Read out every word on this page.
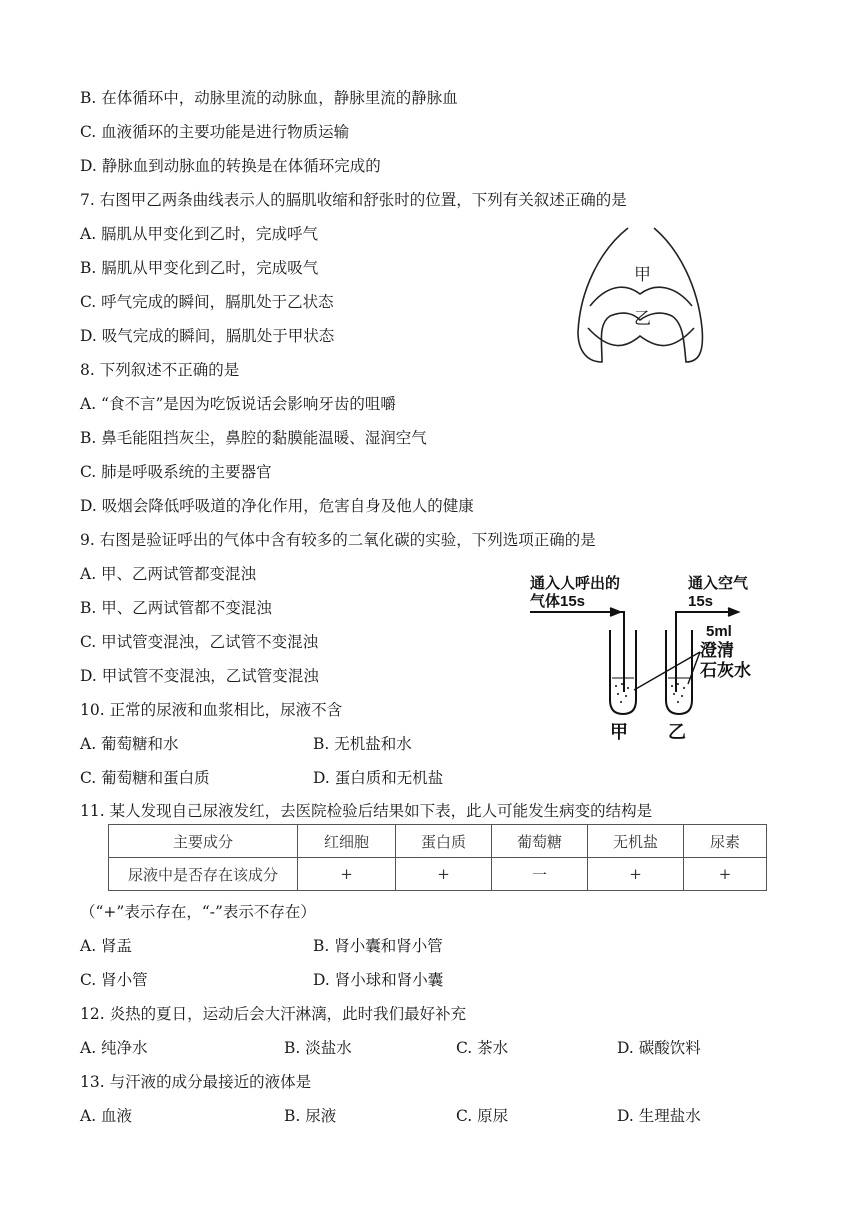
B. 在体循环中，动脉里流的动脉血，静脉里流的静脉血
C. 血液循环的主要功能是进行物质运输
D. 静脉血到动脉血的转换是在体循环完成的
7. 右图甲乙两条曲线表示人的膈肌收缩和舒张时的位置，下列有关叙述正确的是
A. 膈肌从甲变化到乙时，完成呼气
B. 膈肌从甲变化到乙时，完成吸气
C. 呼气完成的瞬间，膈肌处于乙状态
D. 吸气完成的瞬间，膈肌处于甲状态
8. 下列叙述不正确的是
A. “食不言”是因为吃饭说话会影响牙齿的咀嚼
B. 鼻毛能阻挡灰尘，鼻腔的黏膜能温暖、湿润空气
C. 肺是呼吸系统的主要器官
D. 吸烟会降低呼吸道的净化作用，危害自身及他人的健康
9. 右图是验证呼出的气体中含有较多的二氧化碳的实验，下列选项正确的是
A. 甲、乙两试管都变混浊
B. 甲、乙两试管都不变混浊
C. 甲试管变混浊，乙试管不变混浊
D. 甲试管不变混浊，乙试管变混浊
10. 正常的尿液和血浆相比，尿液不含
A. 葡萄糖和水	B. 无机盐和水
C. 葡萄糖和蛋白质	D. 蛋白质和无机盐
11. 某人发现自己尿液发红，去医院检验后结果如下表，此人可能发生病变的结构是
主要成分	红细胞	蛋白质	葡萄糖	无机盐	尿素
尿液中是否存在该成分	+	+	一	+	+
（“+”表示存在，“-”表示不存在）
A. 肾盂	B. 肾小囊和肾小管
C. 肾小管	D. 肾小球和肾小囊
12. 炎热的夏日，运动后会大汗淋漓，此时我们最好补充
A. 纯净水	B. 淡盐水	C. 茶水	D. 碳酸饮料
13. 与汗液的成分最接近的液体是
A. 血液	B. 尿液	C. 原尿	D. 生理盐水
甲
乙
通入人呼出的
气体15s
通入空气
15s
5ml
澄清
石灰水
甲 乙
